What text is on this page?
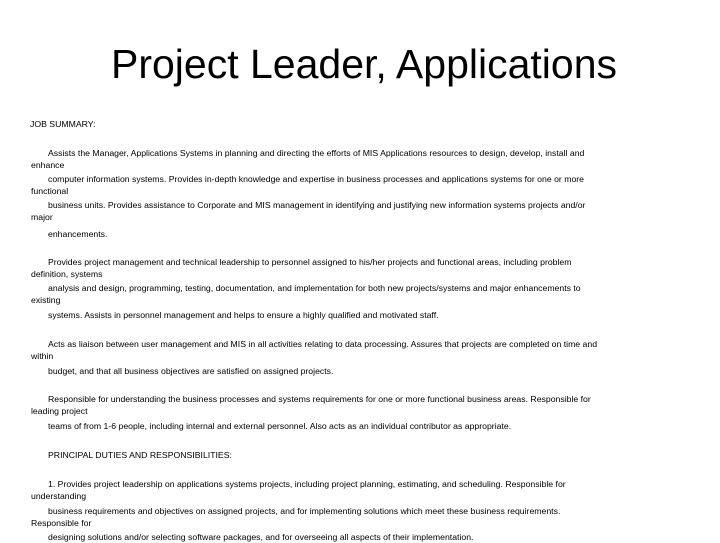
Project Leader, Applications
JOB SUMMARY:
Assists the Manager, Applications Systems in planning and directing the efforts of MIS Applications resources to design, develop, install and
enhance
computer information systems. Provides in-depth knowledge and expertise in business processes and applications systems for one or more
functional
business units. Provides assistance to Corporate and MIS management in identifying and justifying new information systems projects and/or
major
enhancements.
Provides project management and technical leadership to personnel assigned to his/her projects and functional areas, including problem
definition, systems
analysis and design, programming, testing, documentation, and implementation for both new projects/systems and major enhancements to
existing
systems. Assists in personnel management and helps to ensure a highly qualified and motivated staff.
Acts as liaison between user management and MIS in all activities relating to data processing. Assures that projects are completed on time and
within
budget, and that all business objectives are satisfied on assigned projects.
Responsible for understanding the business processes and systems requirements for one or more functional business areas. Responsible for
leading project
teams of from 1-6 people, including internal and external personnel. Also acts as an individual contributor as appropriate.
PRINCIPAL DUTIES AND RESPONSIBILITIES:
1. Provides project leadership on applications systems projects, including project planning, estimating, and scheduling. Responsible for
understanding
business requirements and objectives on assigned projects, and for implementing solutions which meet these business requirements.
Responsible for
designing solutions and/or selecting software packages, and for overseeing all aspects of their implementation.
